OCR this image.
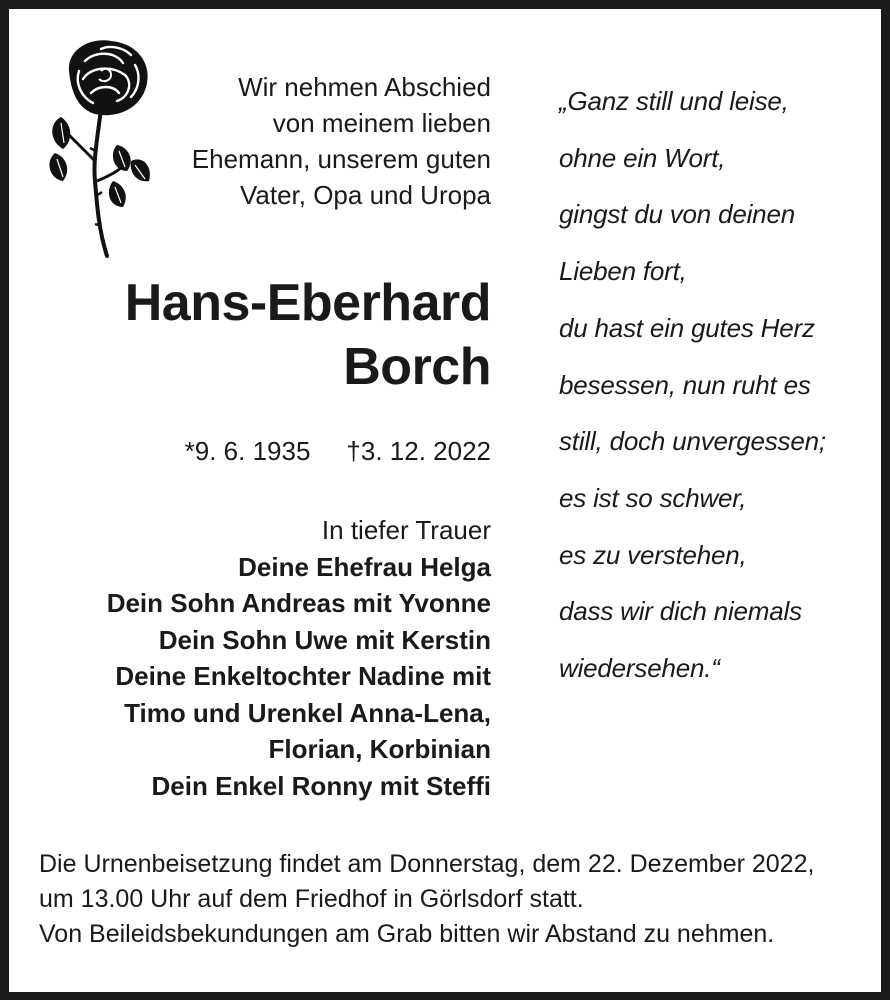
Wir nehmen Abschied
von meinem lieben
Ehemann, unserem guten
Vater, Opa und Uropa
Hans-Eberhard
Borch
*9. 6. 1935 †3. 12. 2022
In tiefer Trauer
Deine Ehefrau Helga
Dein Sohn Andreas mit Yvonne
Dein Sohn Uwe mit Kerstin
Deine Enkeltochter Nadine mit
Timo und Urenkel Anna-Lena,
Florian, Korbinian
Dein Enkel Ronny mit Steffi
„Ganz still und leise,
ohne ein Wort,
gingst du von deinen
Lieben fort,
du hast ein gutes Herz
besessen, nun ruht es
still, doch unvergessen;
es ist so schwer,
es zu verstehen,
dass wir dich niemals
wiedersehen.“
Die Urnenbeisetzung findet am Donnerstag, dem 22. Dezember 2022,
um 13.00 Uhr auf dem Friedhof in Görlsdorf statt.
Von Beileidsbekundungen am Grab bitten wir Abstand zu nehmen.
